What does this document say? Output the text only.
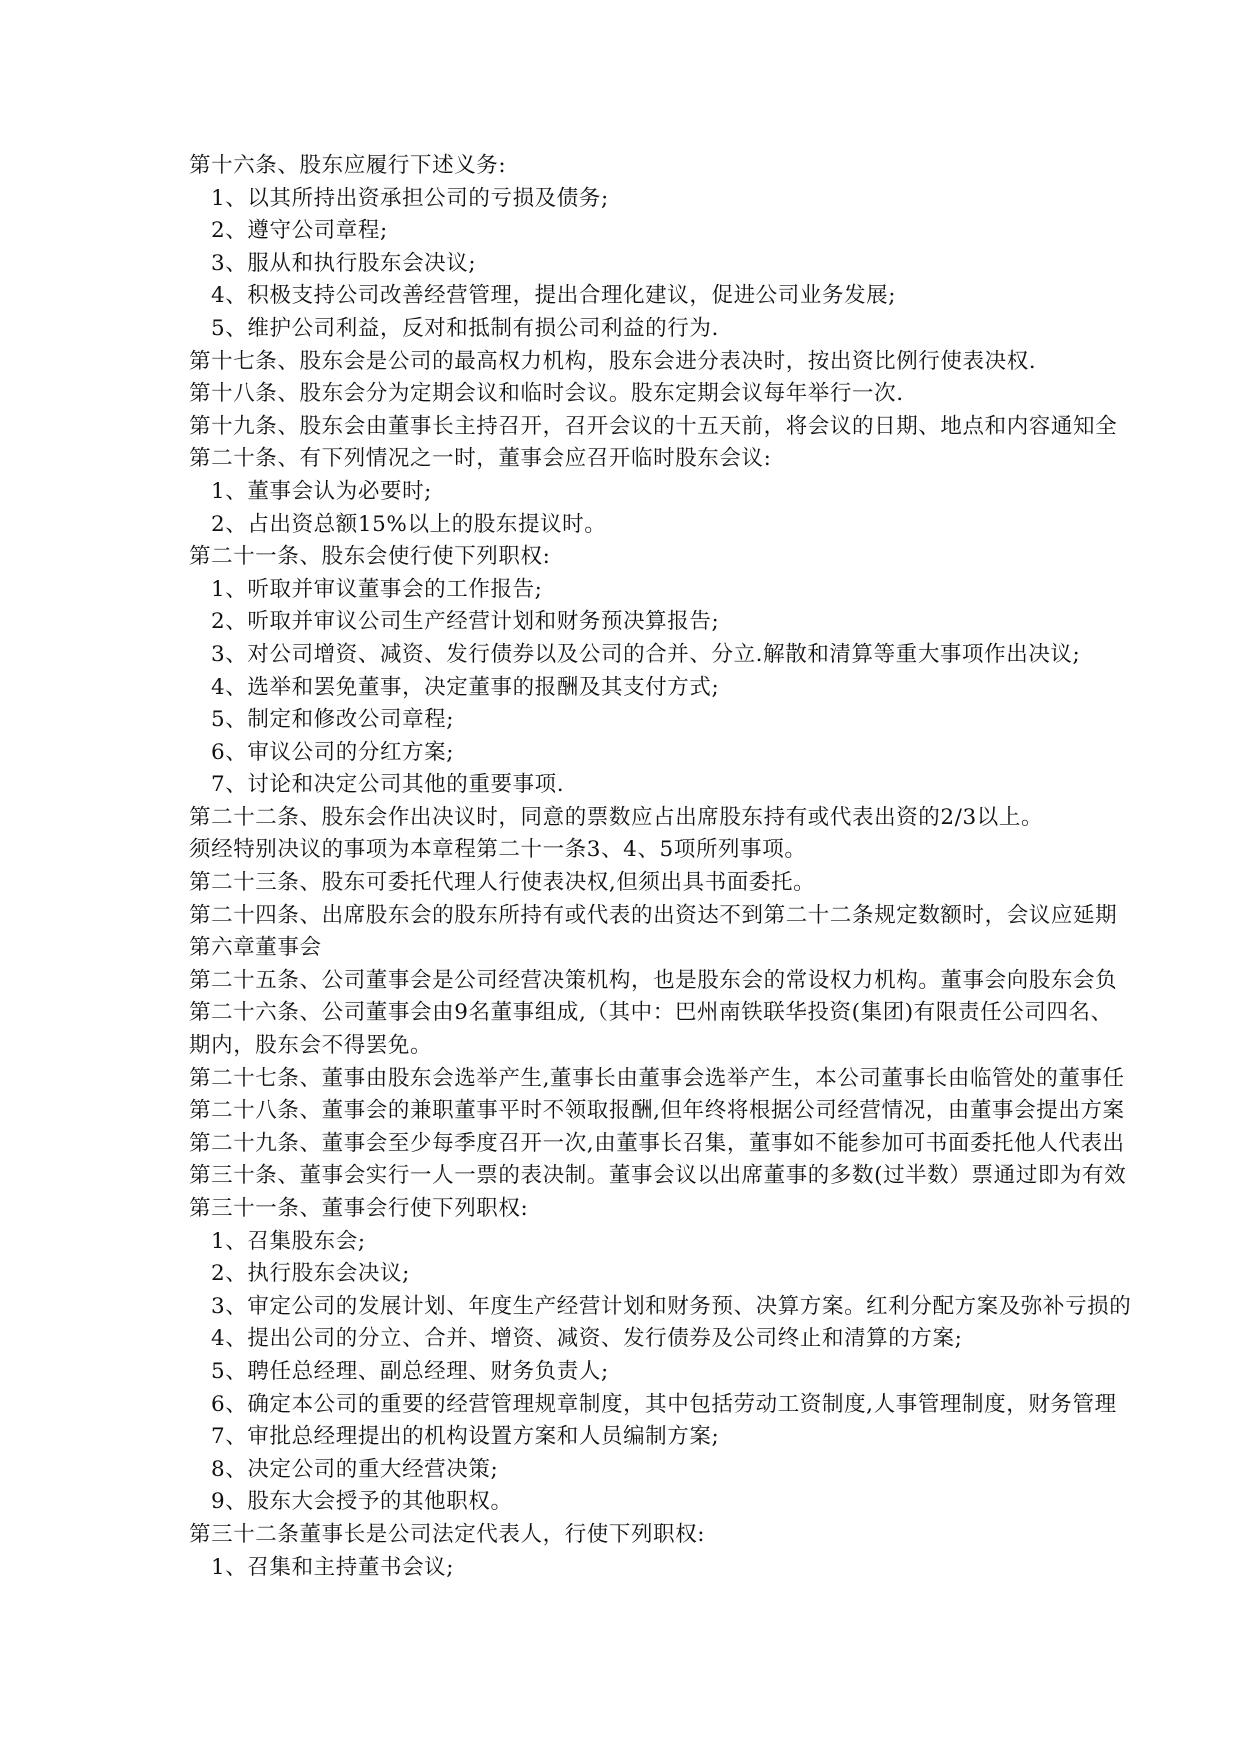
第十六条、股东应履行下述义务:
1、以其所持出资承担公司的亏损及债务;
2、遵守公司章程;
3、服从和执行股东会决议;
4、积极支持公司改善经营管理，提出合理化建议，促进公司业务发展;
5、维护公司利益，反对和抵制有损公司利益的行为.
第十七条、股东会是公司的最高权力机构，股东会进分表决时，按出资比例行使表决权.
第十八条、股东会分为定期会议和临时会议。股东定期会议每年举行一次.
第十九条、股东会由董事长主持召开，召开会议的十五天前，将会议的日期、地点和内容通知全
第二十条、有下列情况之一时，董事会应召开临时股东会议:
1、董事会认为必要时;
2、占出资总额15%以上的股东提议时。
第二十一条、股东会使行使下列职权:
1、听取并审议董事会的工作报告;
2、听取并审议公司生产经营计划和财务预决算报告;
3、对公司增资、减资、发行债券以及公司的合并、分立.解散和清算等重大事项作出决议;
4、选举和罢免董事，决定董事的报酬及其支付方式;
5、制定和修改公司章程;
6、审议公司的分红方案;
7、讨论和决定公司其他的重要事项.
第二十二条、股东会作出决议时，同意的票数应占出席股东持有或代表出资的2/3以上。
须经特别决议的事项为本章程第二十一条3、4、5项所列事项。
第二十三条、股东可委托代理人行使表决权,但须出具书面委托。
第二十四条、出席股东会的股东所持有或代表的出资达不到第二十二条规定数额时，会议应延期
第六章董事会
第二十五条、公司董事会是公司经营决策机构，也是股东会的常设权力机构。董事会向股东会负
第二十六条、公司董事会由9名董事组成,（其中：巴州南铁联华投资(集团)有限责任公司四名、
期内，股东会不得罢免。
第二十七条、董事由股东会选举产生,董事长由董事会选举产生，本公司董事长由临管处的董事任
第二十八条、董事会的兼职董事平时不领取报酬,但年终将根据公司经营情况，由董事会提出方案
第二十九条、董事会至少每季度召开一次,由董事长召集，董事如不能参加可书面委托他人代表出
第三十条、董事会实行一人一票的表决制。董事会议以出席董事的多数(过半数）票通过即为有效
第三十一条、董事会行使下列职权:
1、召集股东会;
2、执行股东会决议;
3、审定公司的发展计划、年度生产经营计划和财务预、决算方案。红利分配方案及弥补亏损的
4、提出公司的分立、合并、增资、减资、发行债券及公司终止和清算的方案;
5、聘任总经理、副总经理、财务负责人;
6、确定本公司的重要的经营管理规章制度，其中包括劳动工资制度,人事管理制度，财务管理
7、审批总经理提出的机构设置方案和人员编制方案;
8、决定公司的重大经营决策;
9、股东大会授予的其他职权。
第三十二条董事长是公司法定代表人，行使下列职权:
1、召集和主持董书会议;
